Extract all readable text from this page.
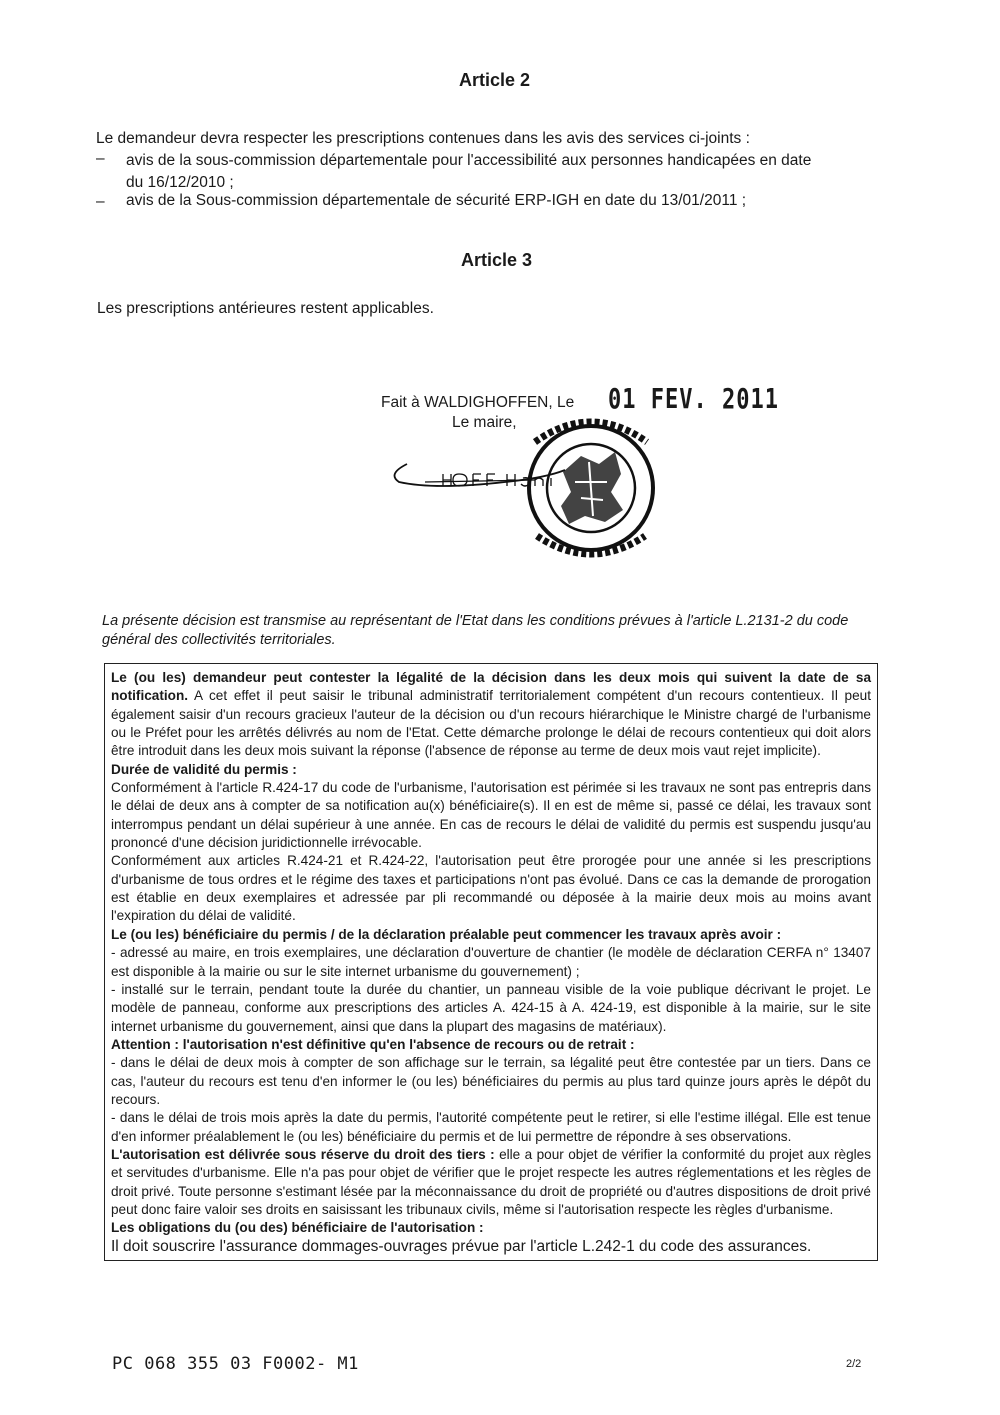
Article 2
Le demandeur devra respecter les prescriptions contenues dans les avis des services ci-joints :
– avis de la sous-commission départementale pour l'accessibilité aux personnes handicapées en date
du 16/12/2010 ;
– avis de la Sous-commission départementale de sécurité ERP-IGH en date du 13/01/2011 ;
Article 3
Les prescriptions antérieures restent applicables.
Fait à WALDIGHOFFEN, Le 01 FEV. 2011
Le maire,
La présente décision est transmise au représentant de l'Etat dans les conditions prévues à l'article L.2131-2 du code général des collectivités territoriales.

Le (ou les) demandeur peut contester la légalité de la décision dans les deux mois qui suivent la date de sa notification. A cet effet il peut saisir le tribunal administratif territorialement compétent d'un recours contentieux. Il peut également saisir d'un recours gracieux l'auteur de la décision ou d'un recours hiérarchique le Ministre chargé de l'urbanisme ou le Préfet pour les arrêtés délivrés au nom de l'Etat. Cette démarche prolonge le délai de recours contentieux qui doit alors être introduit dans les deux mois suivant la réponse (l'absence de réponse au terme de deux mois vaut rejet implicite).

Durée de validité du permis :

Conformément à l'article R.424-17 du code de l'urbanisme, l'autorisation est périmée si les travaux ne sont pas entrepris dans le délai de deux ans à compter de sa notification au(x) bénéficiaire(s). Il en est de même si, passé ce délai, les travaux sont interrompus pendant un délai supérieur à une année. En cas de recours le délai de validité du permis est suspendu jusqu'au prononcé d'une décision juridictionnelle irrévocable.

Conformément aux articles R.424-21 et R.424-22, l'autorisation peut être prorogée pour une année si les prescriptions d'urbanisme de tous ordres et le régime des taxes et participations n'ont pas évolué. Dans ce cas la demande de prorogation est établie en deux exemplaires et adressée par pli recommandé ou déposée à la mairie deux mois au moins avant l'expiration du délai de validité.

Le (ou les) bénéficiaire du permis / de la déclaration préalable peut commencer les travaux après avoir :

- adressé au maire, en trois exemplaires, une déclaration d'ouverture de chantier (le modèle de déclaration CERFA n° 13407 est disponible à la mairie ou sur le site internet urbanisme du gouvernement) ;

- installé sur le terrain, pendant toute la durée du chantier, un panneau visible de la voie publique décrivant le projet. Le modèle de panneau, conforme aux prescriptions des articles A. 424-15 à A. 424-19, est disponible à la mairie, sur le site internet urbanisme du gouvernement, ainsi que dans la plupart des magasins de matériaux).

Attention : l'autorisation n'est définitive qu'en l'absence de recours ou de retrait :

- dans le délai de deux mois à compter de son affichage sur le terrain, sa légalité peut être contestée par un tiers. Dans ce cas, l'auteur du recours est tenu d'en informer le (ou les) bénéficiaires du permis au plus tard quinze jours après le dépôt du recours.

- dans le délai de trois mois après la date du permis, l'autorité compétente peut le retirer, si elle l'estime illégal. Elle est tenue d'en informer préalablement le (ou les) bénéficiaire du permis et de lui permettre de répondre à ses observations.

L'autorisation est délivrée sous réserve du droit des tiers : elle a pour objet de vérifier la conformité du projet aux règles et servitudes d'urbanisme. Elle n'a pas pour objet de vérifier que le projet respecte les autres réglementations et les règles de droit privé. Toute personne s'estimant lésée par la méconnaissance du droit de propriété ou d'autres dispositions de droit privé peut donc faire valoir ses droits en saisissant les tribunaux civils, même si l'autorisation respecte les règles d'urbanisme.

Les obligations du (ou des) bénéficiaire de l'autorisation :

Il doit souscrire l'assurance dommages-ouvrages prévue par l'article L.242-1 du code des assurances.

PC 068 355 03 F0002- M1	2/2
